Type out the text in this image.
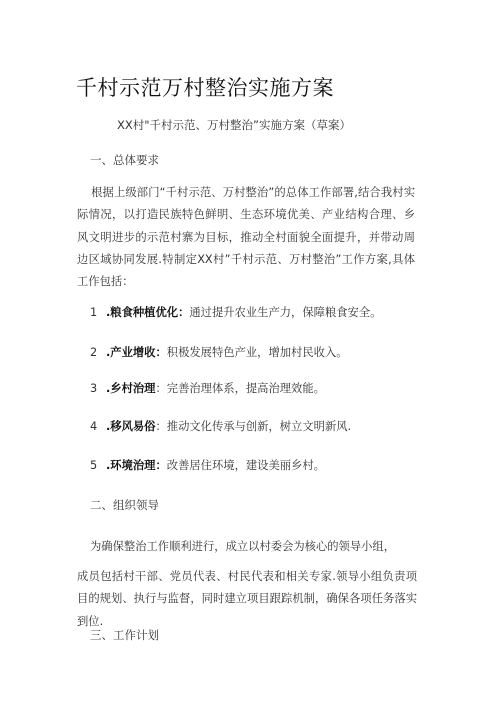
千村示范万村整治实施方案
XX村"千村示范、万村整治”实施方案（草案）
一、总体要求
根据上级部门“千村示范、万村整治”的总体工作部署,结合我村实际情况，以打造民族特色鲜明、生态环境优美、产业结构合理、乡风文明进步的示范村寨为目标，推动全村面貌全面提升，并带动周边区域协同发展.特制定XX村”千村示范、万村整治”工作方案,具体工作包括：
1 .粮食种植优化：通过提升农业生产力，保障粮食安全。
2 .产业增收：积极发展特色产业，增加村民收入。
3 .乡村治理：完善治理体系，提高治理效能。
4 .移风易俗：推动文化传承与创新，树立文明新风.
5 .环境治理：改善居住环境，建设美丽乡村。
二、组织领导
为确保整治工作顺利进行，成立以村委会为核心的领导小组，
成员包括村干部、党员代表、村民代表和相关专家.领导小组负责项目的规划、执行与监督，同时建立项目跟踪机制，确保各项任务落实到位.
三、工作计划
